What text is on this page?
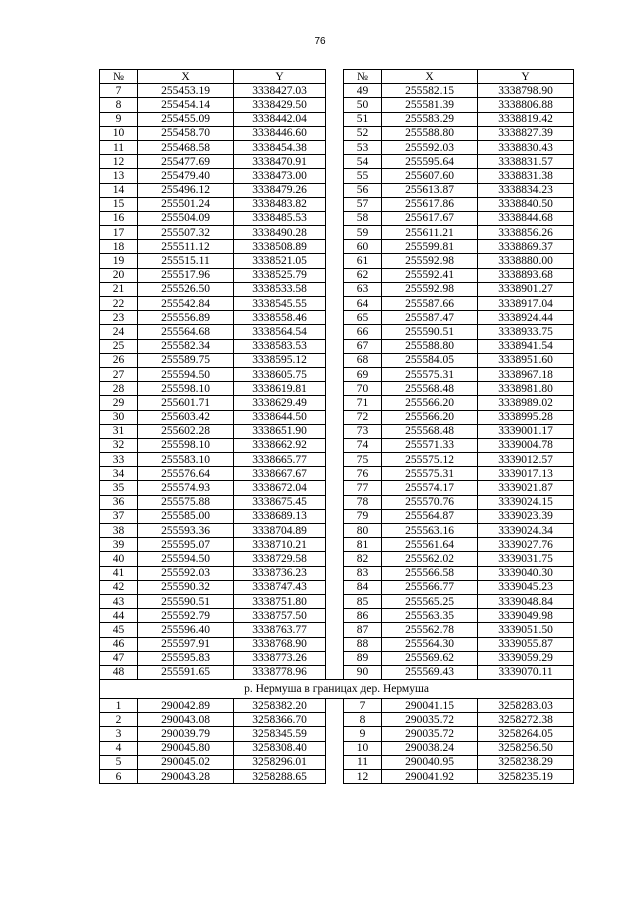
76
№	X	Y		№	X	Y
7	255453.19	3338427.03		49	255582.15	3338798.90
8	255454.14	3338429.50		50	255581.39	3338806.88
9	255455.09	3338442.04		51	255583.29	3338819.42
10	255458.70	3338446.60		52	255588.80	3338827.39
11	255468.58	3338454.38		53	255592.03	3338830.43
12	255477.69	3338470.91		54	255595.64	3338831.57
13	255479.40	3338473.00		55	255607.60	3338831.38
14	255496.12	3338479.26		56	255613.87	3338834.23
15	255501.24	3338483.82		57	255617.86	3338840.50
16	255504.09	3338485.53		58	255617.67	3338844.68
17	255507.32	3338490.28		59	255611.21	3338856.26
18	255511.12	3338508.89		60	255599.81	3338869.37
19	255515.11	3338521.05		61	255592.98	3338880.00
20	255517.96	3338525.79		62	255592.41	3338893.68
21	255526.50	3338533.58		63	255592.98	3338901.27
22	255542.84	3338545.55		64	255587.66	3338917.04
23	255556.89	3338558.46		65	255587.47	3338924.44
24	255564.68	3338564.54		66	255590.51	3338933.75
25	255582.34	3338583.53		67	255588.80	3338941.54
26	255589.75	3338595.12		68	255584.05	3338951.60
27	255594.50	3338605.75		69	255575.31	3338967.18
28	255598.10	3338619.81		70	255568.48	3338981.80
29	255601.71	3338629.49		71	255566.20	3338989.02
30	255603.42	3338644.50		72	255566.20	3338995.28
31	255602.28	3338651.90		73	255568.48	3339001.17
32	255598.10	3338662.92		74	255571.33	3339004.78
33	255583.10	3338665.77		75	255575.12	3339012.57
34	255576.64	3338667.67		76	255575.31	3339017.13
35	255574.93	3338672.04		77	255574.17	3339021.87
36	255575.88	3338675.45		78	255570.76	3339024.15
37	255585.00	3338689.13		79	255564.87	3339023.39
38	255593.36	3338704.89		80	255563.16	3339024.34
39	255595.07	3338710.21		81	255561.64	3339027.76
40	255594.50	3338729.58		82	255562.02	3339031.75
41	255592.03	3338736.23		83	255566.58	3339040.30
42	255590.32	3338747.43		84	255566.77	3339045.23
43	255590.51	3338751.80		85	255565.25	3339048.84
44	255592.79	3338757.50		86	255563.35	3339049.98
45	255596.40	3338763.77		87	255562.78	3339051.50
46	255597.91	3338768.90		88	255564.30	3339055.87
47	255595.83	3338773.26		89	255569.62	3339059.29
48	255591.65	3338778.96		90	255569.43	3339070.11
р. Нермуша в границах дер. Нермуша						
1	290042.89	3258382.20		7	290041.15	3258283.03
2	290043.08	3258366.70		8	290035.72	3258272.38
3	290039.79	3258345.59		9	290035.72	3258264.05
4	290045.80	3258308.40		10	290038.24	3258256.50
5	290045.02	3258296.01		11	290040.95	3258238.29
6	290043.28	3258288.65		12	290041.92	3258235.19
